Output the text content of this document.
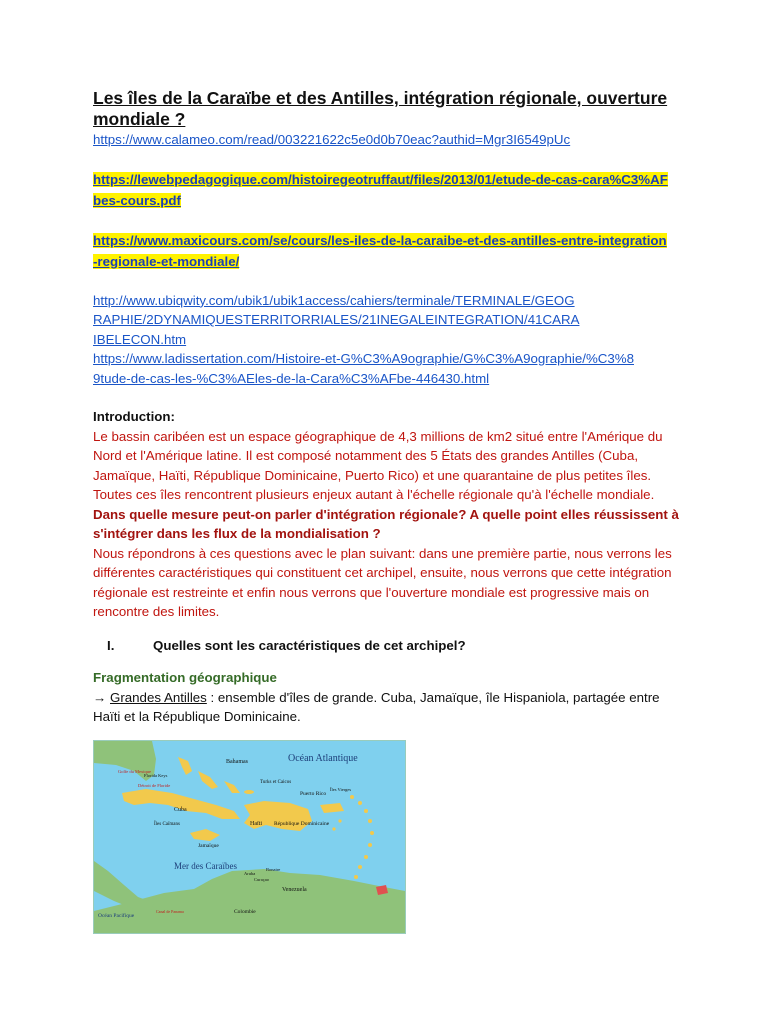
Les îles de la Caraïbe et des Antilles, intégration régionale, ouverture mondiale ?
https://www.calameo.com/read/003221622c5e0d0b70eac?authid=Mgr3I6549pUc
https://lewebpedagogique.com/histoiregeotruffaut/files/2013/01/etude-de-cas-cara%C3%AFbes-cours.pdf
https://www.maxicours.com/se/cours/les-iles-de-la-caraibe-et-des-antilles-entre-integration-regionale-et-mondiale/
http://www.ubiqwity.com/ubik1/ubik1access/cahiers/terminale/TERMINALE/GEOGRAPHIE/2DYNAMIQUESTERRITORRIALES/21INEGALEINTEGRATION/41CARAIBELECON.htm
https://www.ladissertation.com/Histoire-et-G%C3%A9ographie/G%C3%A9ographie/%C3%89tude-de-cas-les-%C3%AEles-de-la-Cara%C3%AFbe-446430.html

Introduction:

Le bassin caribéen est un espace géographique de 4,3 millions de km2 situé entre l'Amérique du Nord et l'Amérique latine. Il est composé notamment des 5 États des grandes Antilles (Cuba, Jamaïque, Haïti, République Dominicaine, Puerto Rico) et une quarantaine de plus petites îles. Toutes ces îles rencontrent plusieurs enjeux autant à l'échelle régionale qu'à l'échelle mondiale.

Dans quelle mesure peut-on parler d'intégration régionale? A quelle point elles réussissent à s'intégrer dans les flux de la mondialisation ?

Nous répondrons à ces questions avec le plan suivant: dans une première partie, nous verrons les différentes caractéristiques qui constituent cet archipel, ensuite, nous verrons que cette intégration régionale est restreinte et enfin nous verrons que l'ouverture mondiale est progressive mais on rencontre des limites.

I.	Quelles sont les caractéristiques de cet archipel?
Fragmentation géographique

→ Grandes Antilles : ensemble d'îles de grande. Cuba, Jamaïque, île Hispaniola, partagée entre Haïti et la République Dominicaine.

Océan Atlantique
Golfe du Mexique
Florida Keys
Détroit de Floride
Bahamas
Turks et Caicos
Cuba
Haïti République Dominicaine
Puerto Rico
Îles Vierges
Îles Caïmans
Jamaïque
Mer des Caraïbes
Venezuela
Colombie
Océan Pacifique
Canal de Panama
Aruba
Bonaire
Curaçao
